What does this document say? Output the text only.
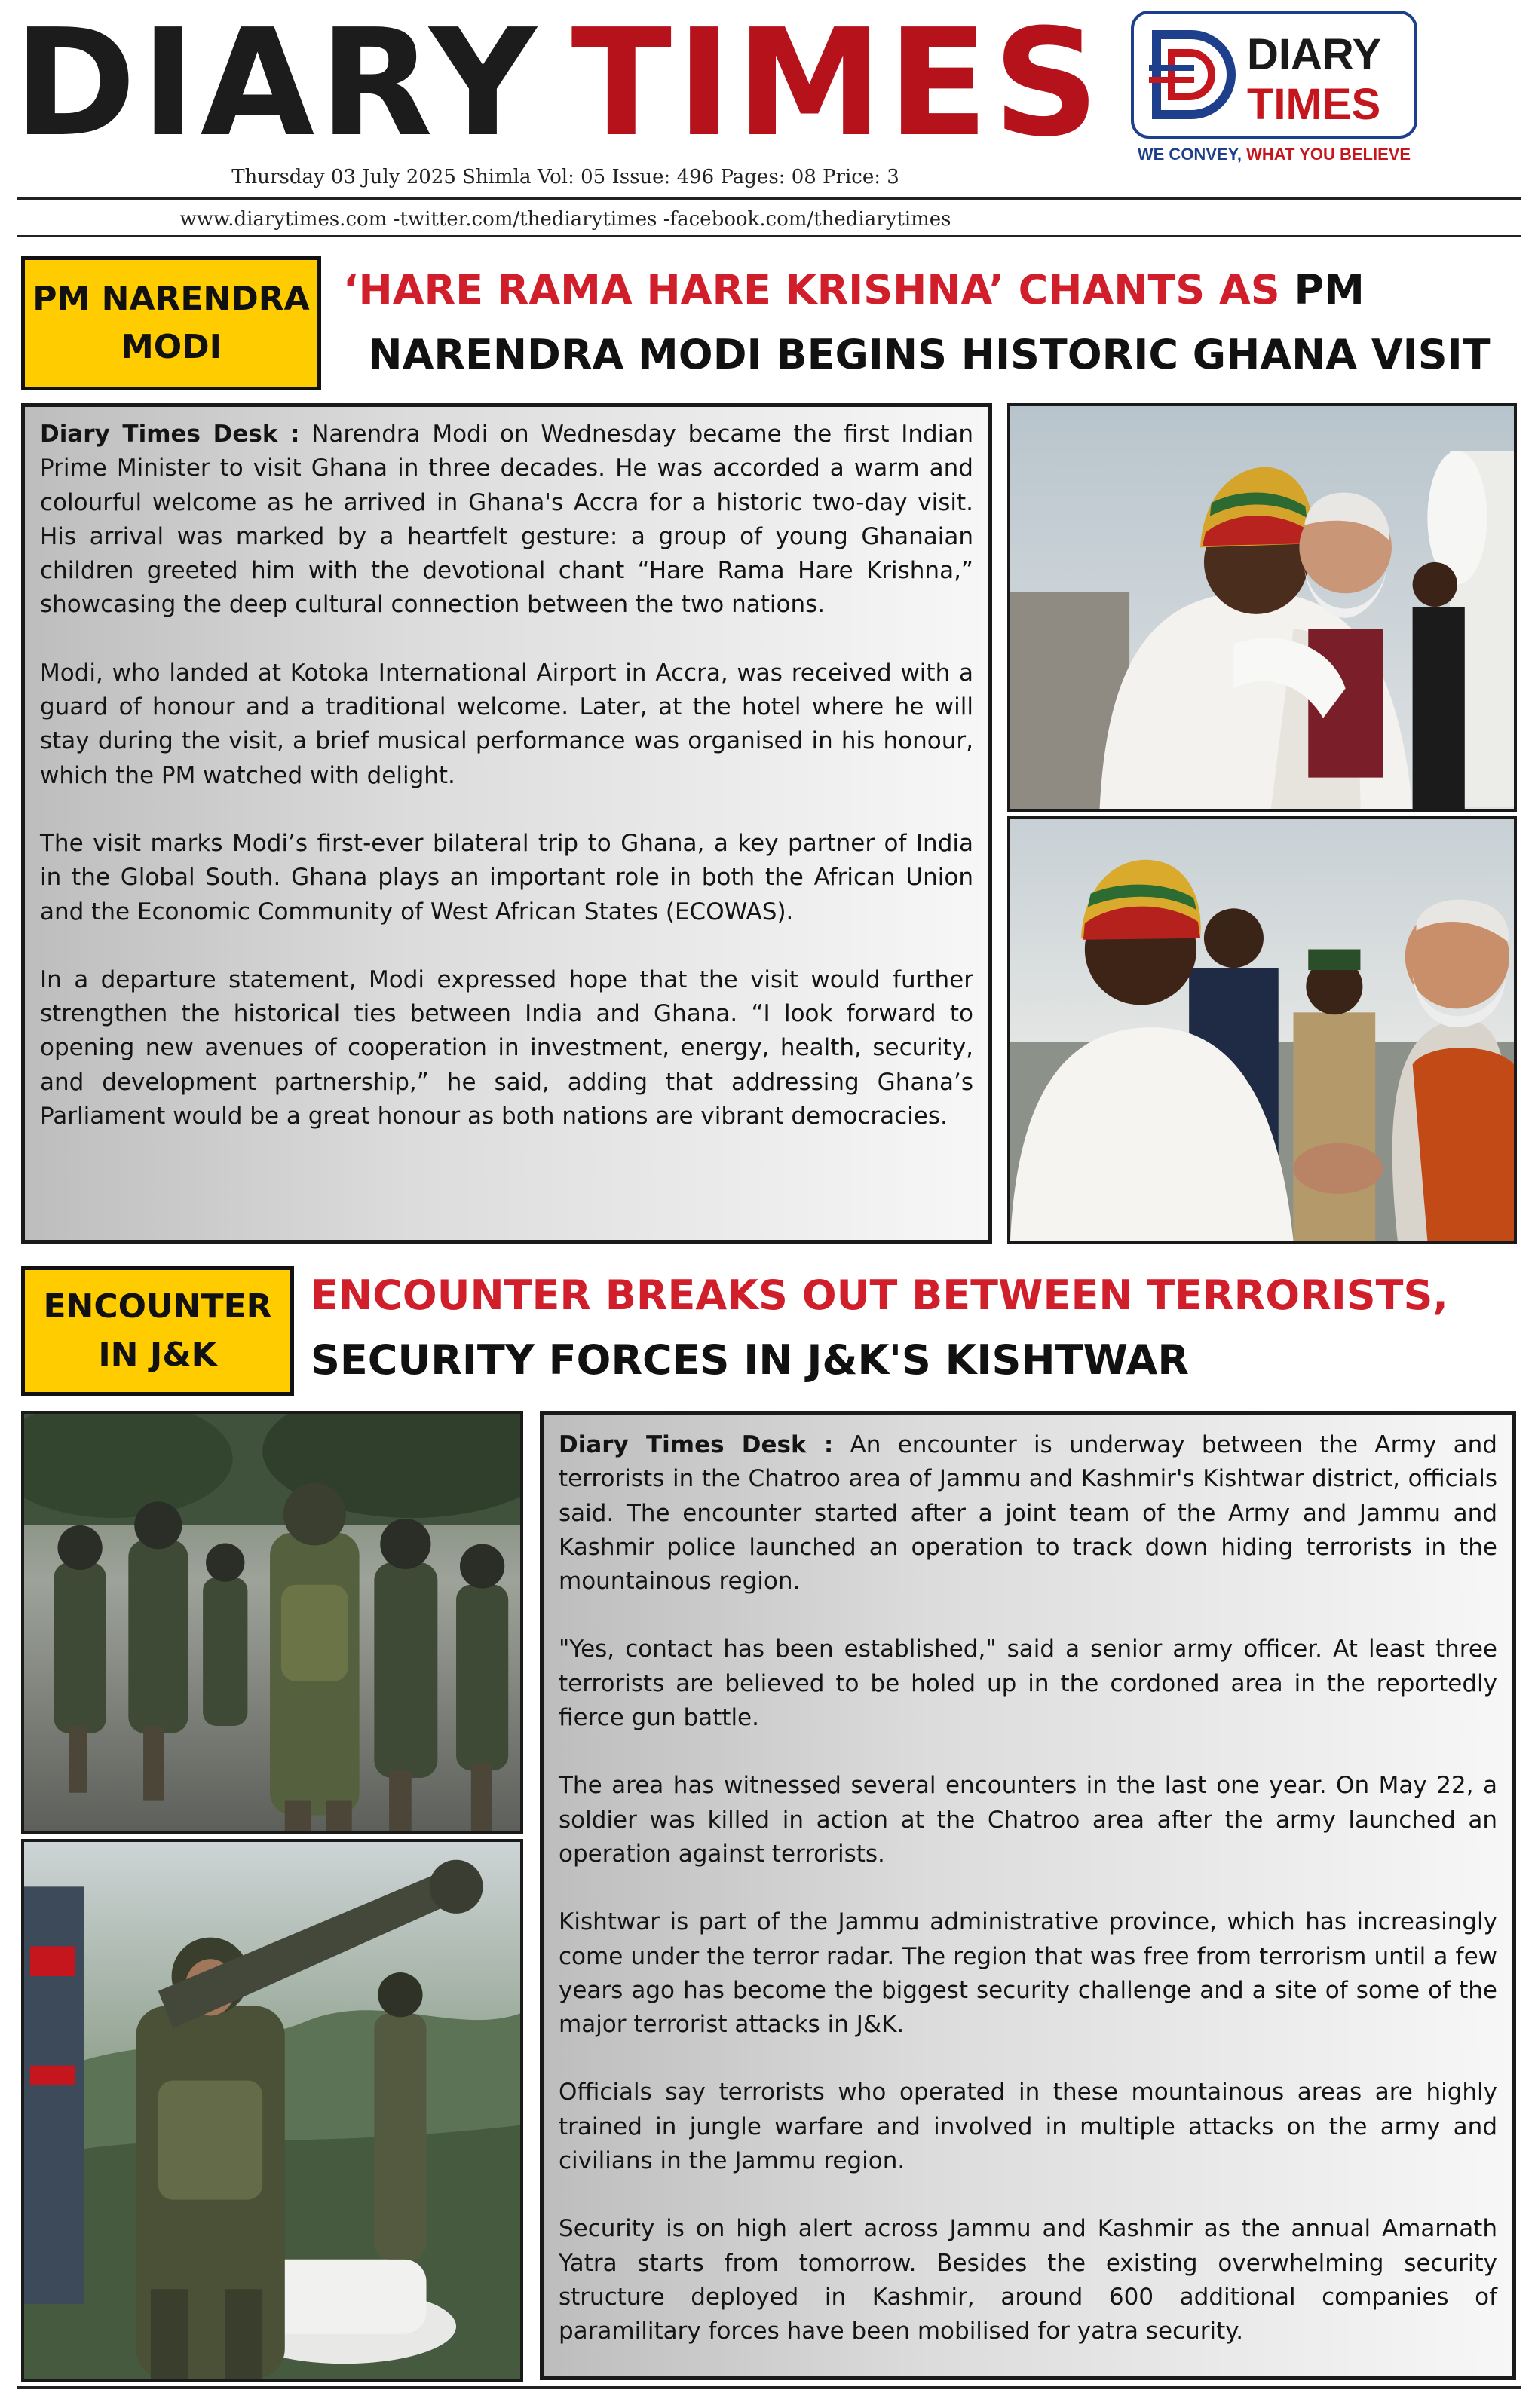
DIARY TIMES	DIARY
TIMES
WE CONVEY, WHAT YOU BELIEVE
Thursday 03 July 2025 Shimla Vol: 05 Issue: 496 Pages: 08 Price: 3
www.diarytimes.com -twitter.com/thediarytimes -facebook.com/thediarytimes
PM NARENDRA MODI
‘HARE RAMA HARE KRISHNA’ CHANTS AS PM
NARENDRA MODI BEGINS HISTORIC GHANA VISIT

Diary Times Desk : Narendra Modi on Wednesday became the first Indian Prime Minister to visit Ghana in three decades. He was accorded a warm and colourful welcome as he arrived in Ghana's Accra for a historic two-day visit. His arrival was marked by a heartfelt gesture: a group of young Ghanaian children greeted him with the devotional chant “Hare Rama Hare Krishna,” showcasing the deep cultural connection between the two nations.

Modi, who landed at Kotoka International Airport in Accra, was received with a guard of honour and a traditional welcome. Later, at the hotel where he will stay during the visit, a brief musical performance was organised in his honour, which the PM watched with delight.

The visit marks Modi’s first-ever bilateral trip to Ghana, a key partner of India in the Global South. Ghana plays an important role in both the African Union and the Economic Community of West African States (ECOWAS).

In a departure statement, Modi expressed hope that the visit would further strengthen the historical ties between India and Ghana. “I look forward to opening new avenues of cooperation in investment, energy, health, security, and development partnership,” he said, adding that addressing Ghana’s Parliament would be a great honour as both nations are vibrant democracies.

ENCOUNTER IN J&K
ENCOUNTER BREAKS OUT BETWEEN TERRORISTS,
SECURITY FORCES IN J&K'S KISHTWAR

Diary Times Desk : An encounter is underway between the Army and terrorists in the Chatroo area of Jammu and Kashmir's Kishtwar district, officials said. The encounter started after a joint team of the Army and Jammu and Kashmir police launched an operation to track down hiding terrorists in the mountainous region.

"Yes, contact has been established," said a senior army officer. At least three terrorists are believed to be holed up in the cordoned area in the reportedly fierce gun battle.

The area has witnessed several encounters in the last one year. On May 22, a soldier was killed in action at the Chatroo area after the army launched an operation against terrorists.

Kishtwar is part of the Jammu administrative province, which has increasingly come under the terror radar. The region that was free from terrorism until a few years ago has become the biggest security challenge and a site of some of the major terrorist attacks in J&K.

Officials say terrorists who operated in these mountainous areas are highly trained in jungle warfare and involved in multiple attacks on the army and civilians in the Jammu region.

Security is on high alert across Jammu and Kashmir as the annual Amarnath Yatra starts from tomorrow. Besides the existing overwhelming security structure deployed in Kashmir, around 600 additional companies of paramilitary forces have been mobilised for yatra security.
